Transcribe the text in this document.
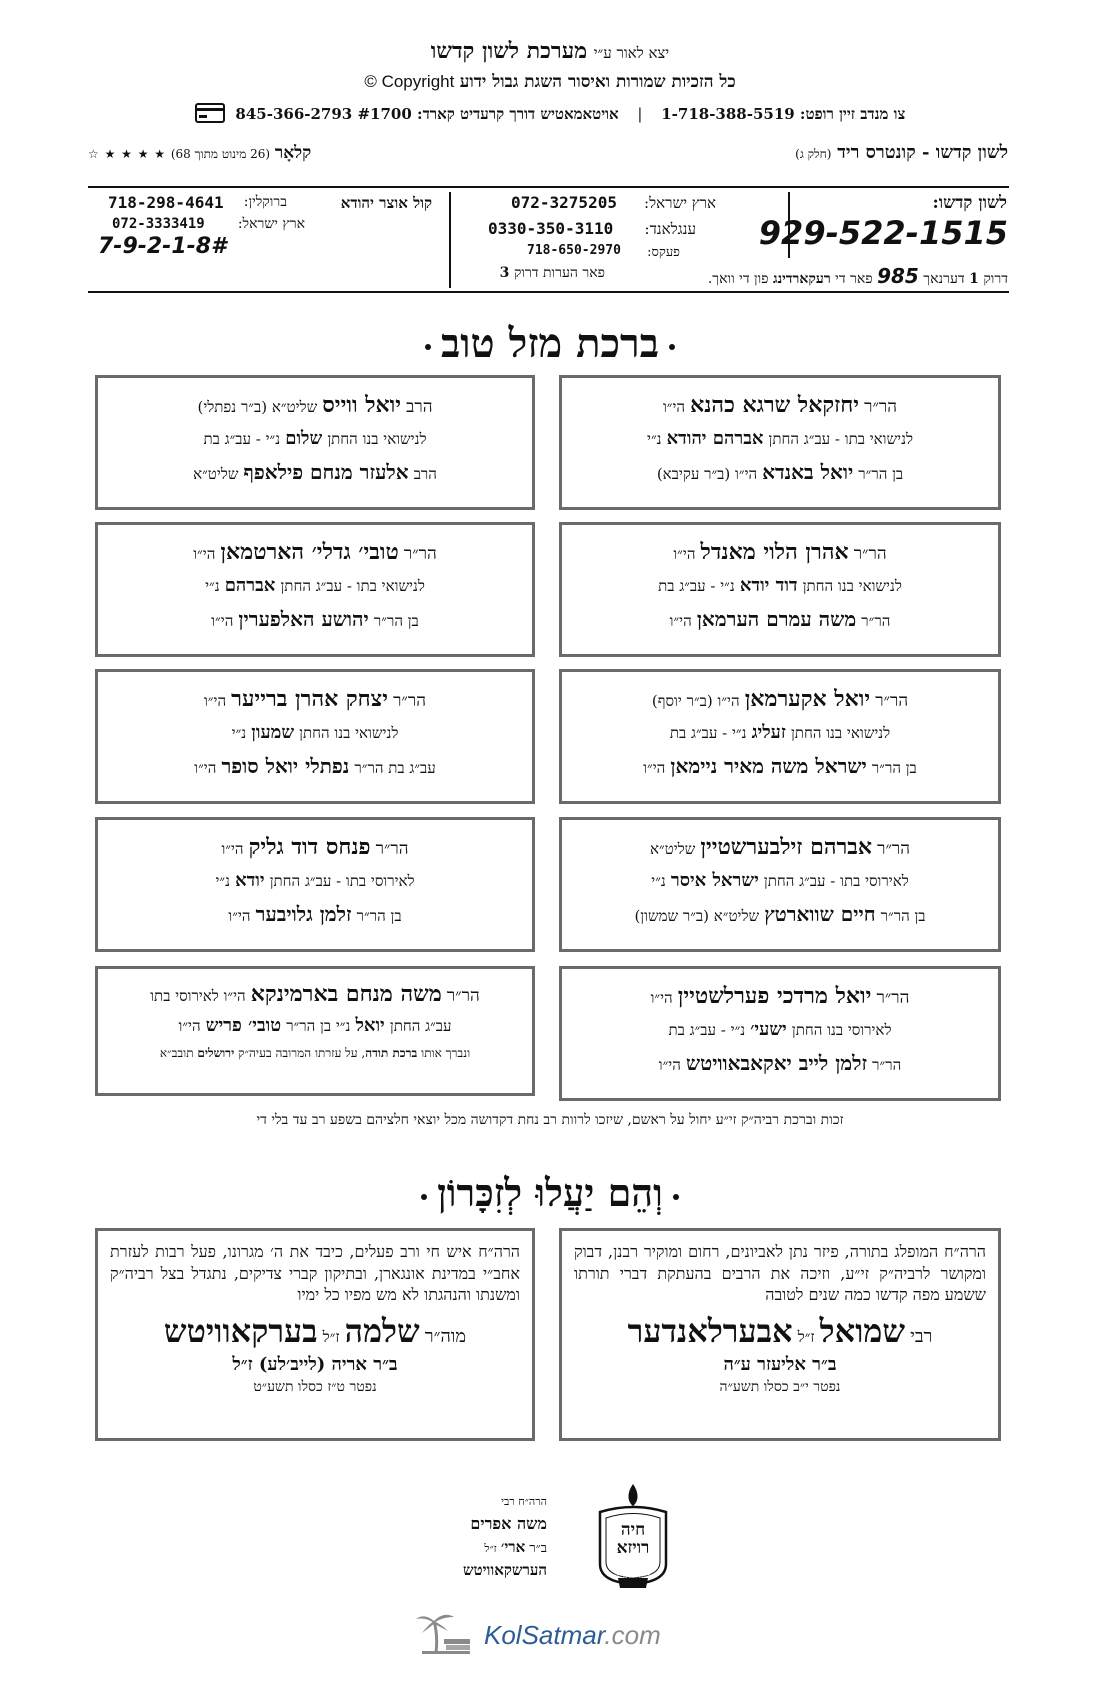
יצא לאור ע״י מערכת לשון קדשו
כל הזכיות שמורות ואיסור השגת גבול ידוע Copyright ©
צו מנדב זיין רופט: 1-718-388-5519 | אויטאמאטיש דורך קרעדיט קארד: #1700 845-366-2793
לשון קדשו - קונטרס ריד (חלק ג)
קלאָר (26 מינוט מתוך 68) ★ ★ ★ ★ ☆
לשון קדשו:
929-522-1515
ארץ ישראל:
072-3275205
ענגלאנד:
0330-350-3110
פעקס:
718-650-2970
קול אוצר יהודא
ברוקלין:
718-298-4641
ארץ ישראל:
072-3333419
7-9-2-1-8#
דרוק 1 דערנאך 985 פאר די רעקארדינג פון די וואך.
פאר הערות דרוק 3
ברכת מזל טוב
הר״ר יחזקאל שרגא כהנא הי״ו
לנישואי בתו - עב״ג החתן אברהם יהודא נ״י
בן הר״ר יואל באנדא הי״ו (ב״ר עקיבא)
הרב יואל ווייס שליט״א (ב״ר נפתלי)
לנישואי בנו החתן שלום נ״י - עב״ג בת
הרב אלעזר מנחם פילאפף שליט״א
הר״ר אהרן הלוי מאנדל הי״ו
לנישואי בנו החתן דוד יודא נ״י - עב״ג בת
הר״ר משה עמרם הערמאן הי״ו
הר״ר טובי׳ גדלי׳ הארטמאן הי״ו
לנישואי בתו - עב״ג החתן אברהם נ״י
בן הר״ר יהושע האלפערין הי״ו
הר״ר יואל אקערמאן הי״ו (ב״ר יוסף)
לנישואי בנו החתן זעליג נ״י - עב״ג בת
בן הר״ר ישראל משה מאיר ניימאן הי״ו
הר״ר יצחק אהרן ברייער הי״ו
לנישואי בנו החתן שמעון נ״י
עב״ג בת הר״ר נפתלי יואל סופר הי״ו
הר״ר אברהם זילבערשטיין שליט״א
לאירוסי בתו - עב״ג החתן ישראל איסר נ״י
בן הר״ר חיים שווארטץ שליט״א (ב״ר שמשון)
הר״ר פנחס דוד גליק הי״ו
לאירוסי בתו - עב״ג החתן יודא נ״י
בן הר״ר זלמן גלויבער הי״ו
הר״ר יואל מרדכי פערלשטיין הי״ו
לאירוסי בנו החתן ישעי׳ נ״י - עב״ג בת
הר״ר זלמן לייב יאקאבאוויטש הי״ו
הר״ר משה מנחם בארמינקא הי״ו לאירוסי בתו
עב״ג החתן יואל נ״י בן הר״ר טובי׳ פריש הי״ו
ונברך אותו ברכת תודה, על עזרתו המרובה בעיה״ק ירושלים תובב״א
זכות וברכת רביה״ק זי״ע יחול על ראשם, שיזכו לרוות רב נחת דקדושה מכל יוצאי חלציהם בשפע רב עד בלי די
וְהֵם יַעֲלוּ לְזִכָּרוֹן
הרה״ח המופלג בתורה, פיזר נתן לאביונים, רחום ומוקיר רבנן, דבוק ומקושר לרביה״ק זי״ע, וזיכה את הרבים בהעתקת דברי תורתו ששמע מפה קדשו כמה שנים לטובה
רבי שמואל ז״ל אבערלאנדער
ב״ר אליעזר ע״ה
נפטר י״ב כסלו תשע״ה
הרה״ח איש חי ורב פעלים, כיבד את ה׳ מגרונו, פעל רבות לעזרת אחב״י במדינת אונגארן, ובתיקון קברי צדיקים, נתגדל בצל רביה״ק ומשנתו והנהגתו לא מש מפיו כל ימיו
מוה״ר שלמה ז״ל בערקאוויטש
ב״ר אריה (לייב׳לע) ז״ל
נפטר ט״ז כסלו תשע״ט
הרה״ח רבי
משה אפרים
ב״ר ארי׳ ז״ל
הערשקאוויטש
חיה
רויזא
חיה רויזא פריש
KolSatmar.com
